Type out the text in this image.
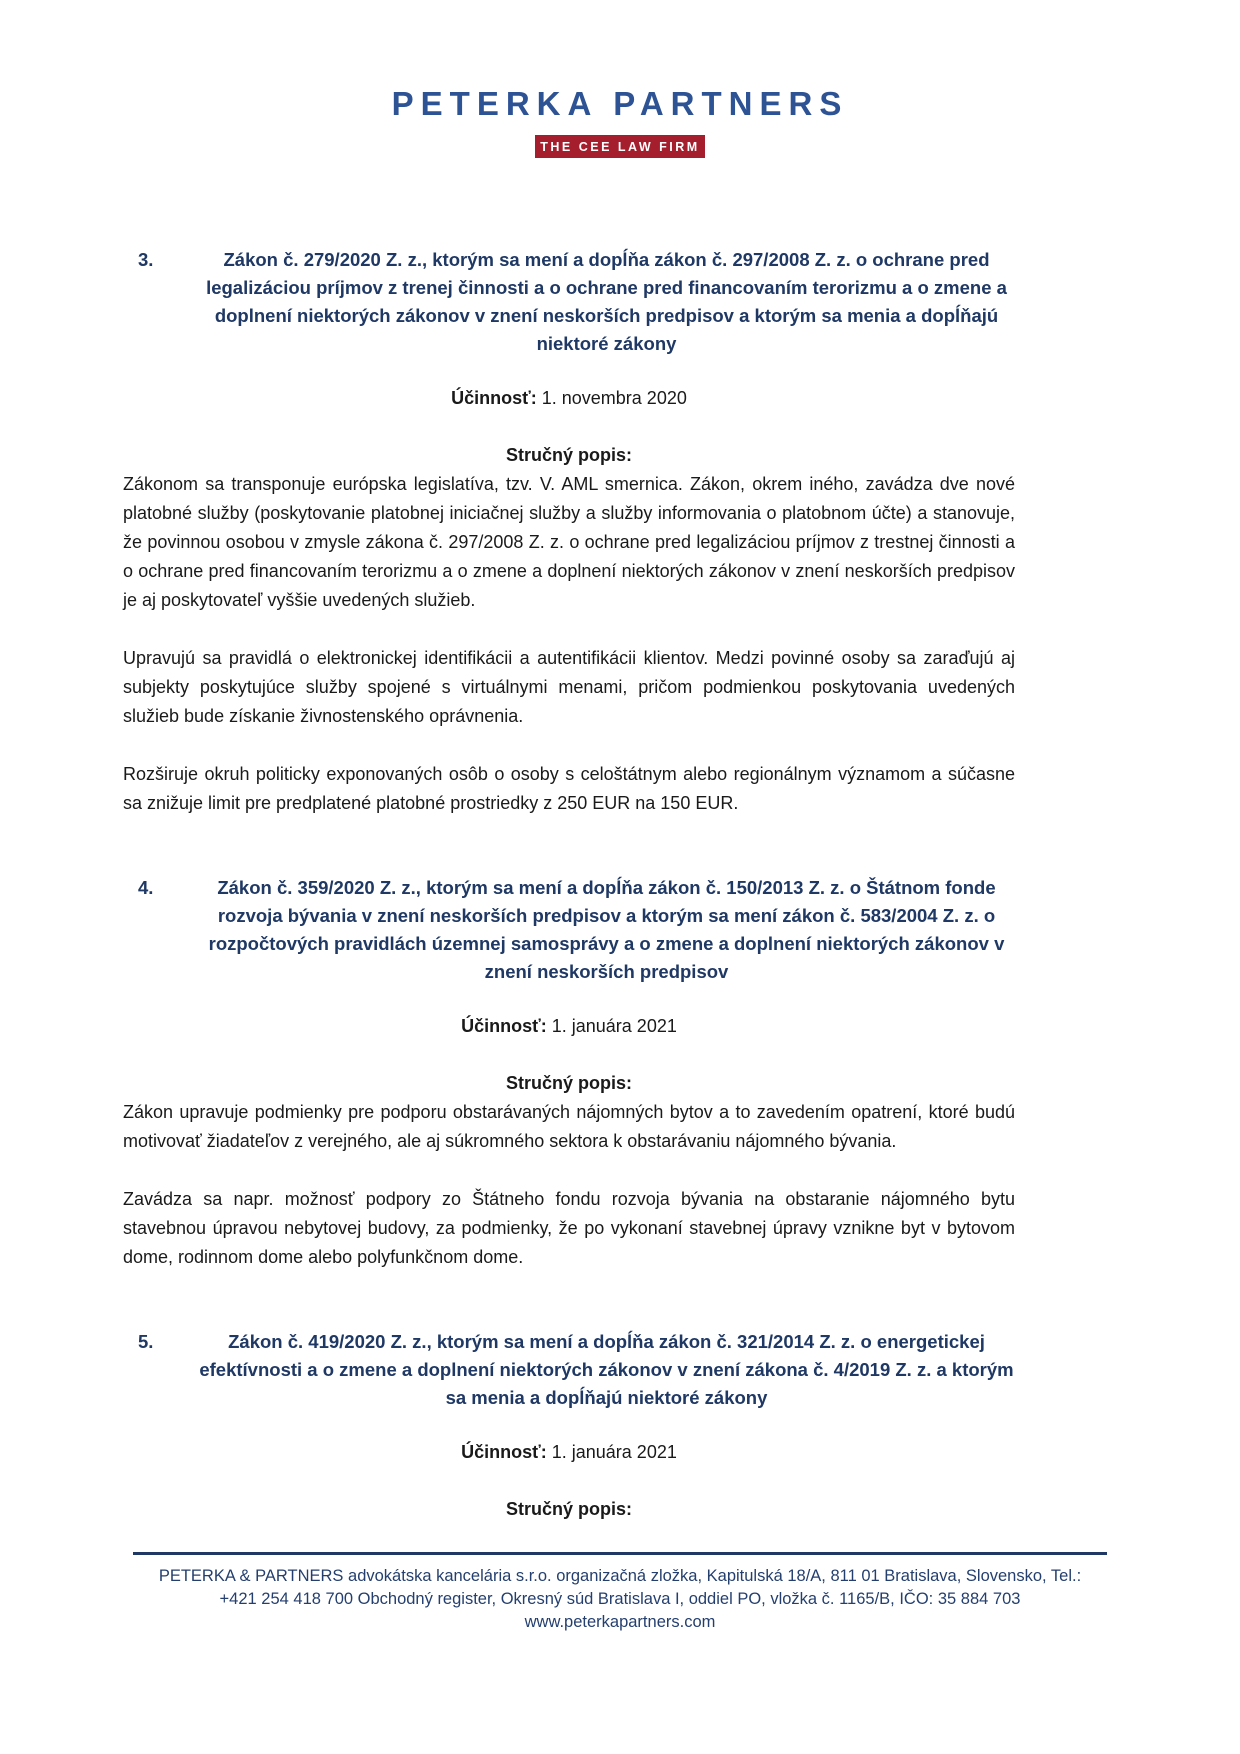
PETERKA PARTNERS
THE CEE LAW FIRM
3.	Zákon č. 279/2020 Z. z., ktorým sa mení a dopĺňa zákon č. 297/2008 Z. z. o ochrane pred legalizáciou príjmov z trenej činnosti a o ochrane pred financovaním terorizmu a o zmene a doplnení niektorých zákonov v znení neskorších predpisov a ktorým sa menia a dopĺňajú niektoré zákony

Účinnosť: 1. novembra 2020

Stručný popis:

Zákonom sa transponuje európska legislatíva, tzv. V. AML smernica. Zákon, okrem iného, zavádza dve nové platobné služby (poskytovanie platobnej iniciačnej služby a služby informovania o platobnom účte) a stanovuje, že povinnou osobou v zmysle zákona č. 297/2008 Z. z. o ochrane pred legalizáciou príjmov z trestnej činnosti a o ochrane pred financovaním terorizmu a o zmene a doplnení niektorých zákonov v znení neskorších predpisov je aj poskytovateľ vyššie uvedených služieb.

Upravujú sa pravidlá o elektronickej identifikácii a autentifikácii klientov. Medzi povinné osoby sa zaraďujú aj subjekty poskytujúce služby spojené s virtuálnymi menami, pričom podmienkou poskytovania uvedených služieb bude získanie živnostenského oprávnenia.

Rozširuje okruh politicky exponovaných osôb o osoby s celoštátnym alebo regionálnym významom a súčasne sa znižuje limit pre predplatené platobné prostriedky z 250 EUR na 150 EUR.

4.	Zákon č. 359/2020 Z. z., ktorým sa mení a dopĺňa zákon č. 150/2013 Z. z. o Štátnom fonde rozvoja bývania v znení neskorších predpisov a ktorým sa mení zákon č. 583/2004 Z. z. o rozpočtových pravidlách územnej samosprávy a o zmene a doplnení niektorých zákonov v znení neskorších predpisov

Účinnosť: 1. januára 2021

Stručný popis:

Zákon upravuje podmienky pre podporu obstarávaných nájomných bytov a to zavedením opatrení, ktoré budú motivovať žiadateľov z verejného, ale aj súkromného sektora k obstarávaniu nájomného bývania.

Zavádza sa napr. možnosť podpory zo Štátneho fondu rozvoja bývania na obstaranie nájomného bytu stavebnou úpravou nebytovej budovy, za podmienky, že po vykonaní stavebnej úpravy vznikne byt v bytovom dome, rodinnom dome alebo polyfunkčnom dome.

5.	Zákon č. 419/2020 Z. z., ktorým sa mení a dopĺňa zákon č. 321/2014 Z. z. o energetickej efektívnosti a o zmene a doplnení niektorých zákonov v znení zákona č. 4/2019 Z. z. a ktorým sa menia a dopĺňajú niektoré zákony

Účinnosť: 1. januára 2021

Stručný popis:

PETERKA & PARTNERS advokátska kancelária s.r.o. organizačná zložka, Kapitulská 18/A, 811 01 Bratislava, Slovensko, Tel.:
+421 254 418 700 Obchodný register, Okresný súd Bratislava I, oddiel PO, vložka č. 1165/B, IČO: 35 884 703
www.peterkapartners.com
